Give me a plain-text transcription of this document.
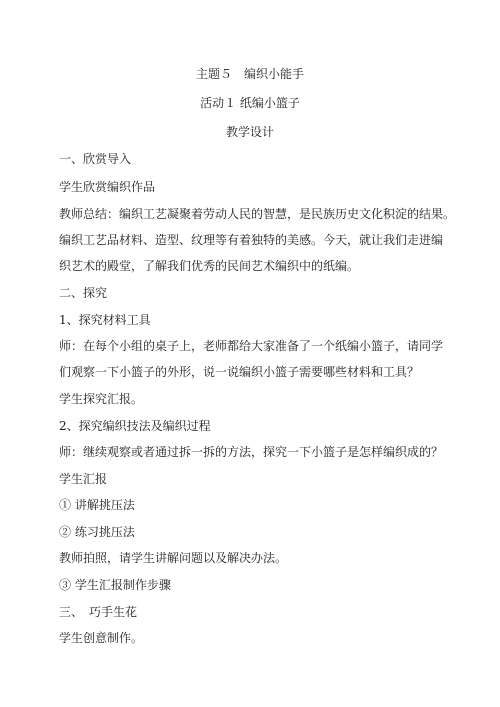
主题５　编织小能手
活动１ 纸编小篮子
教学设计
一、欣赏导入
学生欣赏编织作品
教师总结：编织工艺凝聚着劳动人民的智慧，是民族历史文化积淀的结果。
编织工艺品材料、造型、纹理等有着独特的美感。今天，就让我们走进编
织艺术的殿堂，了解我们优秀的民间艺术编织中的纸编。
二、探究
1、探究材料工具
师：在每个小组的桌子上，老师都给大家准备了一个纸编小篮子，请同学
们观察一下小篮子的外形，说一说编织小篮子需要哪些材料和工具？
学生探究汇报。
2、探究编织技法及编织过程
师：继续观察或者通过拆一拆的方法，探究一下小篮子是怎样编织成的？
学生汇报
① 讲解挑压法
② 练习挑压法
教师拍照，请学生讲解问题以及解决办法。
③ 学生汇报制作步骤
三、　巧手生花
学生创意制作。
